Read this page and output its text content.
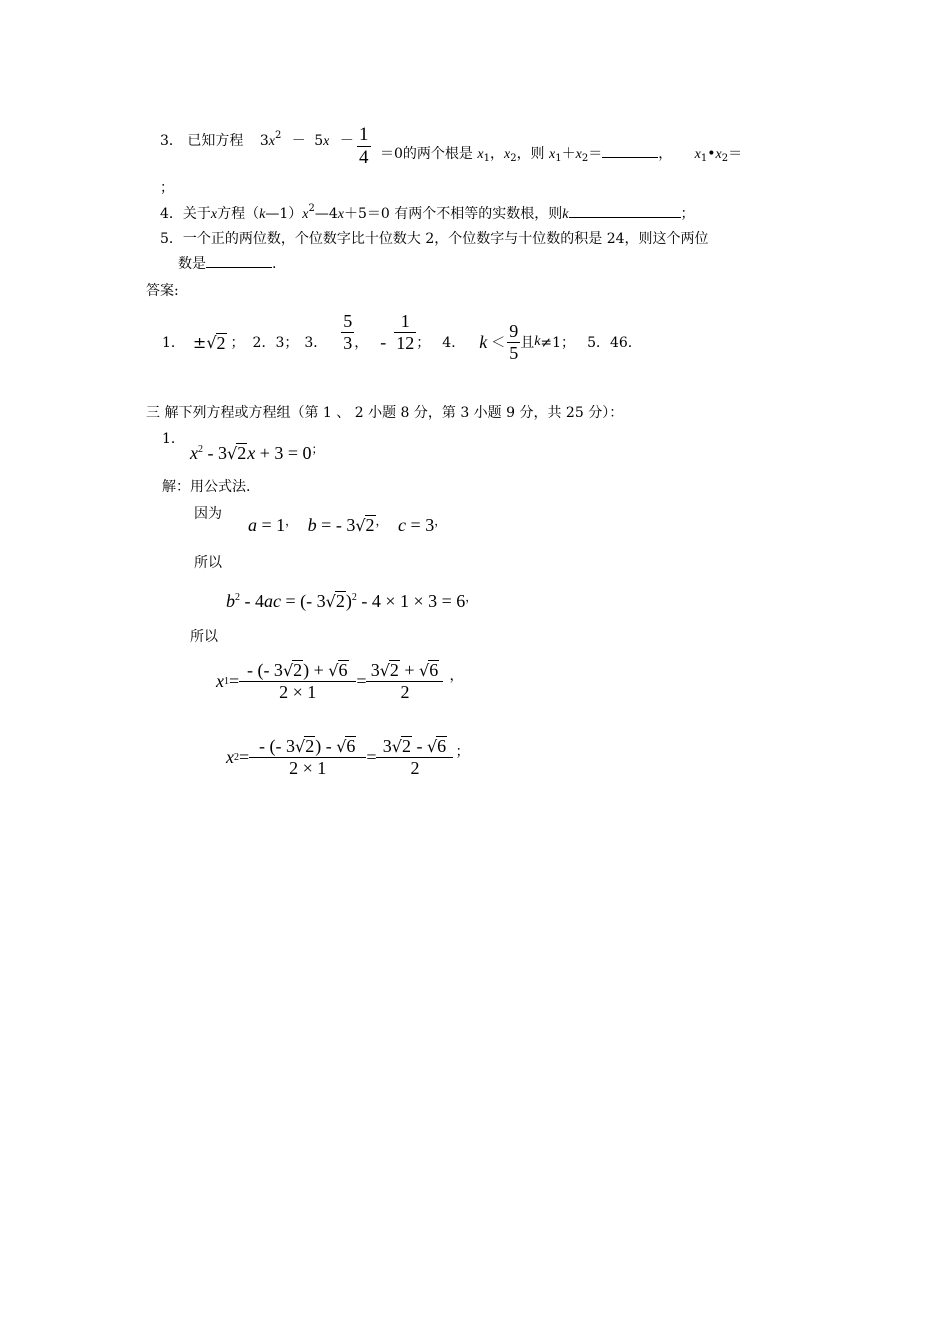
3． 已知方程 $3x^2 - 5x - \frac{1}{4} =0$的两个根是 $x_1$，$x_2$，则 $x_1+x_2=$	， $x_1•x_2=$
；
4．关于x方程$(k—1)x^2—4x+5=0$ 有两个不相等的实数根，则k	；
5．一个正的两位数，个位数字比十位数大 2，个位数字与十位数的积是 24，则这个两位
数是	.
答案:
1． ± √ 2 ； 2．3； 3． $\frac{5}{3}$ ， - $\frac{1}{12}$ ； 4． $k < \frac{9}{5}$ 且 k ≠1； 5．46.
三 解下列方程或方程组（第 1 、 2 小题 8 分，第 3 小题 9 分，共 25 分）：
1．
$x^2 - 3√2x + 3 = 0^;$
解：用公式法.
因为
a = 1， b = - 3√2， c = 3，
所以
$b^2 - 4ac$ = (- 3√2)$^2$ - 4 × 1 × 3 = 6，
所以
x $1 = \frac{- (- 3√2) + √6}{2 \times 1} = \frac{3√2 + √6}{2}$ ，
x $2 = \frac{- (- 3√2) - √6}{2 \times 1} = \frac{3√2 - √6}{2}$ ；
